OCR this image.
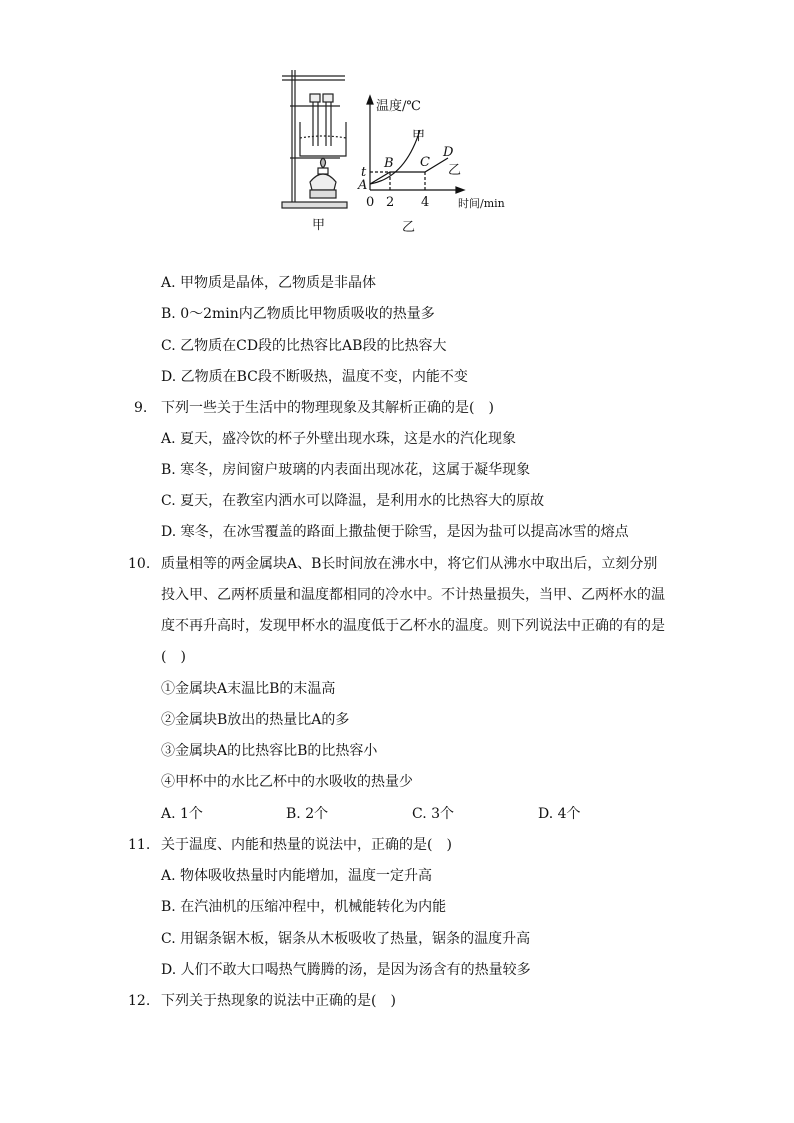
温度/℃
时间/min
甲
乙
A
B C
D
t
0 2 4
甲	乙
A. 甲物质是晶体，乙物质是非晶体
B. 0～2min内乙物质比甲物质吸收的热量多
C. 乙物质在CD段的比热容比AB段的比热容大
D. 乙物质在BC段不断吸热，温度不变，内能不变
9. 下列一些关于生活中的物理现象及其解析正确的是(　)
A. 夏天，盛冷饮的杯子外壁出现水珠，这是水的汽化现象
B. 寒冬，房间窗户玻璃的内表面出现冰花，这属于凝华现象
C. 夏天，在教室内洒水可以降温，是利用水的比热容大的原故
D. 寒冬，在冰雪覆盖的路面上撒盐便于除雪，是因为盐可以提高冰雪的熔点
10. 质量相等的两金属块A、B长时间放在沸水中，将它们从沸水中取出后，立刻分别
投入甲、乙两杯质量和温度都相同的冷水中。不计热量损失，当甲、乙两杯水的温
度不再升高时，发现甲杯水的温度低于乙杯水的温度。则下列说法中正确的有的是
(　)
①金属块A末温比B的末温高
②金属块B放出的热量比A的多
③金属块A的比热容比B的比热容小
④甲杯中的水比乙杯中的水吸收的热量少
A. 1个	B. 2个	C. 3个	D. 4个
11. 关于温度、内能和热量的说法中，正确的是(　)
A. 物体吸收热量时内能增加，温度一定升高
B. 在汽油机的压缩冲程中，机械能转化为内能
C. 用锯条锯木板，锯条从木板吸收了热量，锯条的温度升高
D. 人们不敢大口喝热气腾腾的汤，是因为汤含有的热量较多
12. 下列关于热现象的说法中正确的是(　)
